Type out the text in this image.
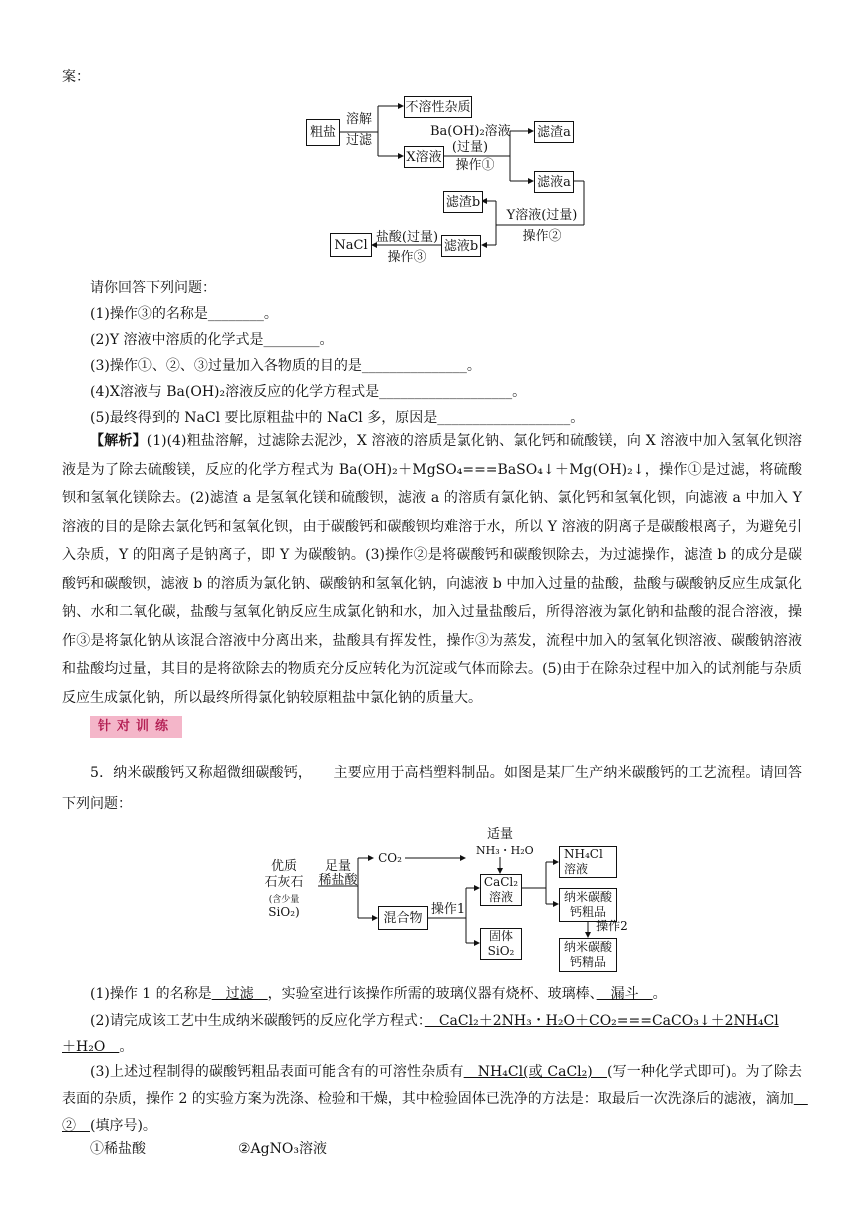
案：
粗盐
溶解
过滤
不溶性杂质
X溶液
Ba(OH)₂溶液
(过量)
操作①
滤渣a
滤液a
滤渣b
Y溶液(过量)
操作②
滤液b
盐酸(过量)
操作③
NaCl
请你回答下列问题：
(1)操作③的名称是________。
(2)Y 溶液中溶质的化学式是________。
(3)操作①、②、③过量加入各物质的目的是_______________。
(4)X溶液与 Ba(OH)₂溶液反应的化学方程式是___________________。
(5)最终得到的 NaCl 要比原粗盐中的 NaCl 多，原因是___________________。

【解析】(1)(4)粗盐溶解，过滤除去泥沙，X 溶液的溶质是氯化钠、氯化钙和硫酸镁，向 X 溶液中加入氢氧化钡溶液是为了除去硫酸镁，反应的化学方程式为 Ba(OH)₂＋MgSO₄===BaSO₄↓＋Mg(OH)₂↓，操作①是过滤，将硫酸钡和氢氧化镁除去。(2)滤渣 a 是氢氧化镁和硫酸钡，滤液 a 的溶质有氯化钠、氯化钙和氢氧化钡，向滤液 a 中加入 Y 溶液的目的是除去氯化钙和氢氧化钡，由于碳酸钙和碳酸钡均难溶于水，所以 Y 溶液的阴离子是碳酸根离子，为避免引入杂质，Y 的阳离子是钠离子，即 Y 为碳酸钠。(3)操作②是将碳酸钙和碳酸钡除去，为过滤操作，滤渣 b 的成分是碳酸钙和碳酸钡，滤液 b 的溶质为氯化钠、碳酸钠和氢氧化钠，向滤液 b 中加入过量的盐酸，盐酸与碳酸钠反应生成氯化钠、水和二氧化碳，盐酸与氢氧化钠反应生成氯化钠和水，加入过量盐酸后，所得溶液为氯化钠和盐酸的混合溶液，操作③是将氯化钠从该混合溶液中分离出来，盐酸具有挥发性，操作③为蒸发，流程中加入的氢氧化钡溶液、碳酸钠溶液和盐酸均过量，其目的是将欲除去的物质充分反应转化为沉淀或气体而除去。(5)由于在除杂过程中加入的试剂能与杂质反应生成氯化钠，所以最终所得氯化钠较原粗盐中氯化钠的质量大。

针对训练

5．纳米碳酸钙又称超微细碳酸钙，　　主要应用于高档塑料制品。如图是某厂生产纳米碳酸钙的工艺流程。请回答下列问题：

优质
石灰石
(含少量
SiO₂)
足量
稀盐酸
CO₂
混合物
操作1
适量
NH₃・H₂O
CaCl₂
溶液
固体
SiO₂
NH₄Cl
溶液
纳米碳酸
钙粗品
操作2
纳米碳酸
钙精品
(1)操作 1 的名称是　过滤　，实验室进行该操作所需的玻璃仪器有烧杯、玻璃棒、　漏斗　。
(2)请完成该工艺中生成纳米碳酸钙的反应化学方程式：　CaCl₂＋2NH₃・H₂O＋CO₂===CaCO₃↓＋2NH₄Cl
＋H₂O　。

(3)上述过程制得的碳酸钙粗品表面可能含有的可溶性杂质有　NH₄Cl(或 CaCl₂)　(写一种化学式即可)。为了除去表面的杂质，操作 2 的实验方案为洗涤、检验和干燥，其中检验固体已洗净的方法是：取最后一次洗涤后的滤液，滴加　②　(填序号)。

①稀盐酸	②AgNO₃溶液
